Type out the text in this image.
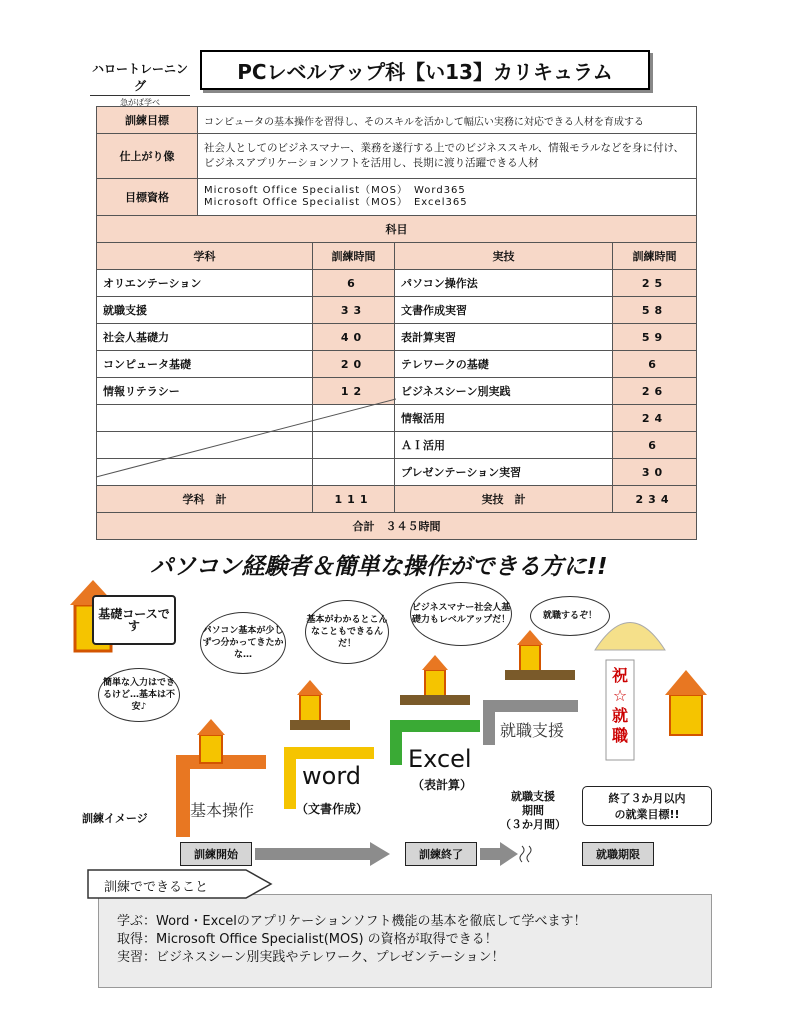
ハロートレーニング
急がば学べ
PCレベルアップ科【い13】カリキュラム
訓練目標	コンピュータの基本操作を習得し、そのスキルを活かして幅広い実務に対応できる人材を育成する			
仕上がり像	社会人としてのビジネスマナー、業務を遂行する上でのビジネススキル、情報モラルなどを身に付け、ビジネスアプリケーションソフトを活用し、長期に渡り活躍できる人材			
目標資格	Microsoft Office Specialist（MOS）　Word365
Microsoft Office Specialist（MOS）　Excel365			

科目				
学科		訓練時間	実技	訓練時間
オリエンテーション		6	パソコン操作法	25
就職支援		33	文書作成実習	58
社会人基礎力		40	表計算実習	59
コンピュータ基礎		20	テレワークの基礎	6
情報リテラシー		12	ビジネスシーン別実践	26
			情報活用	24
			ＡＩ活用	6
			プレゼンテーション実習	30
学科　計		111	実技　計	234
合計　３４５時間				
パソコン経験者＆簡単な操作ができる方に!!
基礎コースです
簡単な入力はできるけど…基本は不安♪
パソコン基本が少しずつ分かってきたかな…
基本がわかるとこんなこともできるんだ！
ビジネスマナー社会人基礎力もレベルアップだ！	就職するぞ！
祝☆就職
基本操作
word
（文書作成）
Excel
（表計算）
就職支援
訓練イメージ
訓練開始	訓練終了	就職期限
就職支援
期間
（３か月間）
終了３か月以内
の就業目標!!

学ぶ：Word・Excelのアプリケーションソフト機能の基本を徹底して学べます！

取得：Microsoft Office Specialist(MOS) の資格が取得できる！

実習：ビジネスシーン別実践やテレワーク、プレゼンテーション！

訓練でできること
